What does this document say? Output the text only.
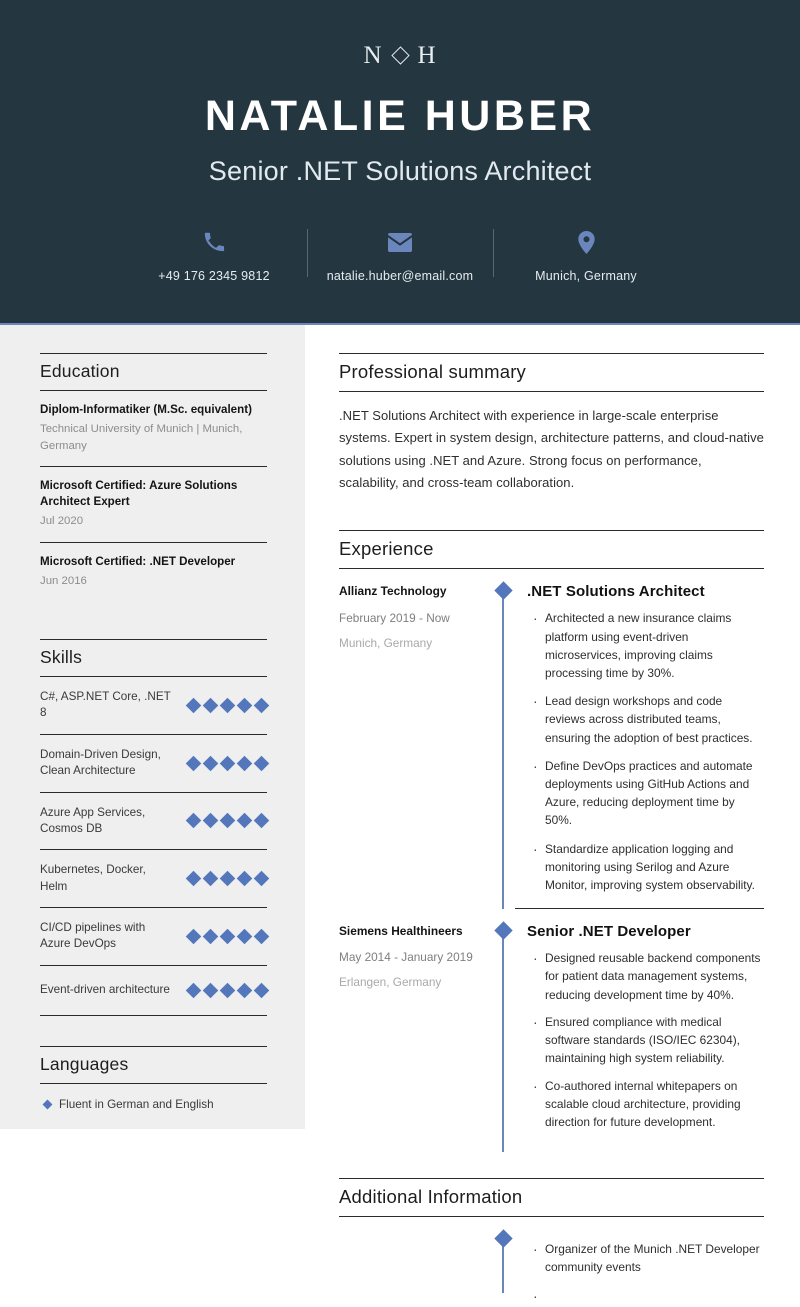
N H
NATALIE HUBER
Senior .NET Solutions Architect
+49 176 2345 9812	natalie.huber@email.com	Munich, Germany
Education
Diplom-Informatiker (M.Sc. equivalent)
Technical University of Munich | Munich, Germany
Microsoft Certified: Azure Solutions Architect Expert
Jul 2020
Microsoft Certified: .NET Developer
Jun 2016
Skills
C#, ASP.NET Core, .NET 8
Domain-Driven Design, Clean Architecture
Azure App Services, Cosmos DB
Kubernetes, Docker, Helm
CI/CD pipelines with Azure DevOps
Event-driven architecture
Languages
Fluent in German and English
Professional summary

.NET Solutions Architect with experience in large-scale enterprise systems. Expert in system design, architecture patterns, and cloud-native solutions using .NET and Azure. Strong focus on performance, scalability, and cross-team collaboration.

Experience
Allianz Technology
February 2019 - Now
Munich, Germany
.NET Solutions Architect
· Architected a new insurance claims platform using event-driven microservices, improving claims processing time by 30%.
· Lead design workshops and code reviews across distributed teams, ensuring the adoption of best practices.
· Define DevOps practices and automate deployments using GitHub Actions and Azure, reducing deployment time by 50%.
· Standardize application logging and monitoring using Serilog and Azure Monitor, improving system observability.
Siemens Healthineers
May 2014 - January 2019
Erlangen, Germany
Senior .NET Developer
· Designed reusable backend components for patient data management systems, reducing development time by 40%.
· Ensured compliance with medical software standards (ISO/IEC 62304), maintaining high system reliability.
· Co-authored internal whitepapers on scalable cloud architecture, providing direction for future development.
Additional Information
· Organizer of the Munich .NET Developer community events
